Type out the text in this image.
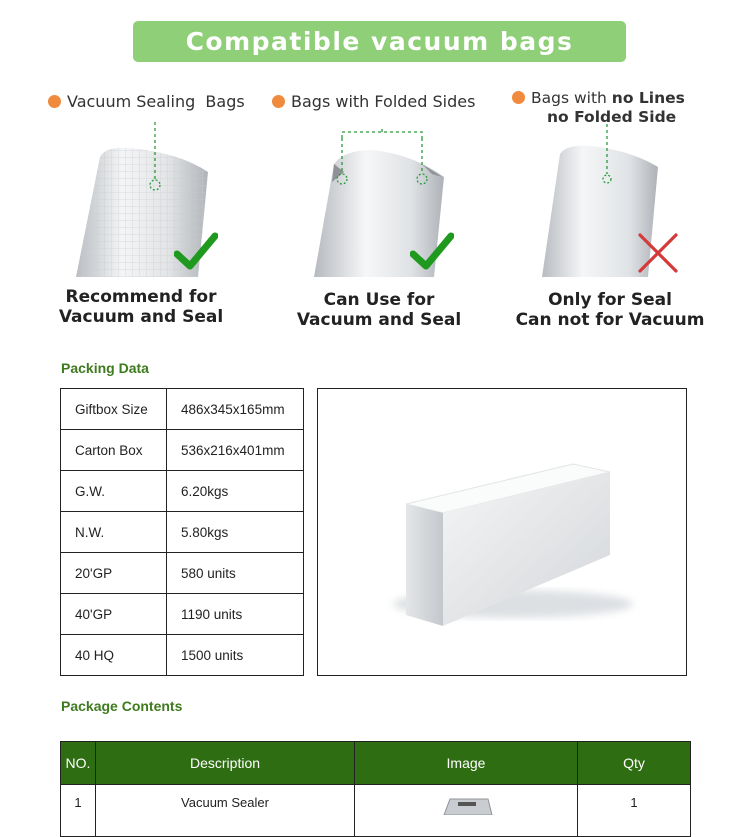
Compatible vacuum bags
Vacuum Sealing  Bags
Recommend for
Vacuum and Seal
Bags with Folded Sides
Can Use for
Vacuum and Seal
Bags with no Lines
no Folded Side
Only for Seal
Can not for Vacuum
Packing Data
Giftbox Size	486x345x165mm
Carton Box	536x216x401mm
G.W.	6.20kgs
N.W.	5.80kgs
20'GP	580 units
40'GP	1190 units
40 HQ	1500 units
Package Contents
NO.	Description	Image	Qty
1	Vacuum Sealer		1
